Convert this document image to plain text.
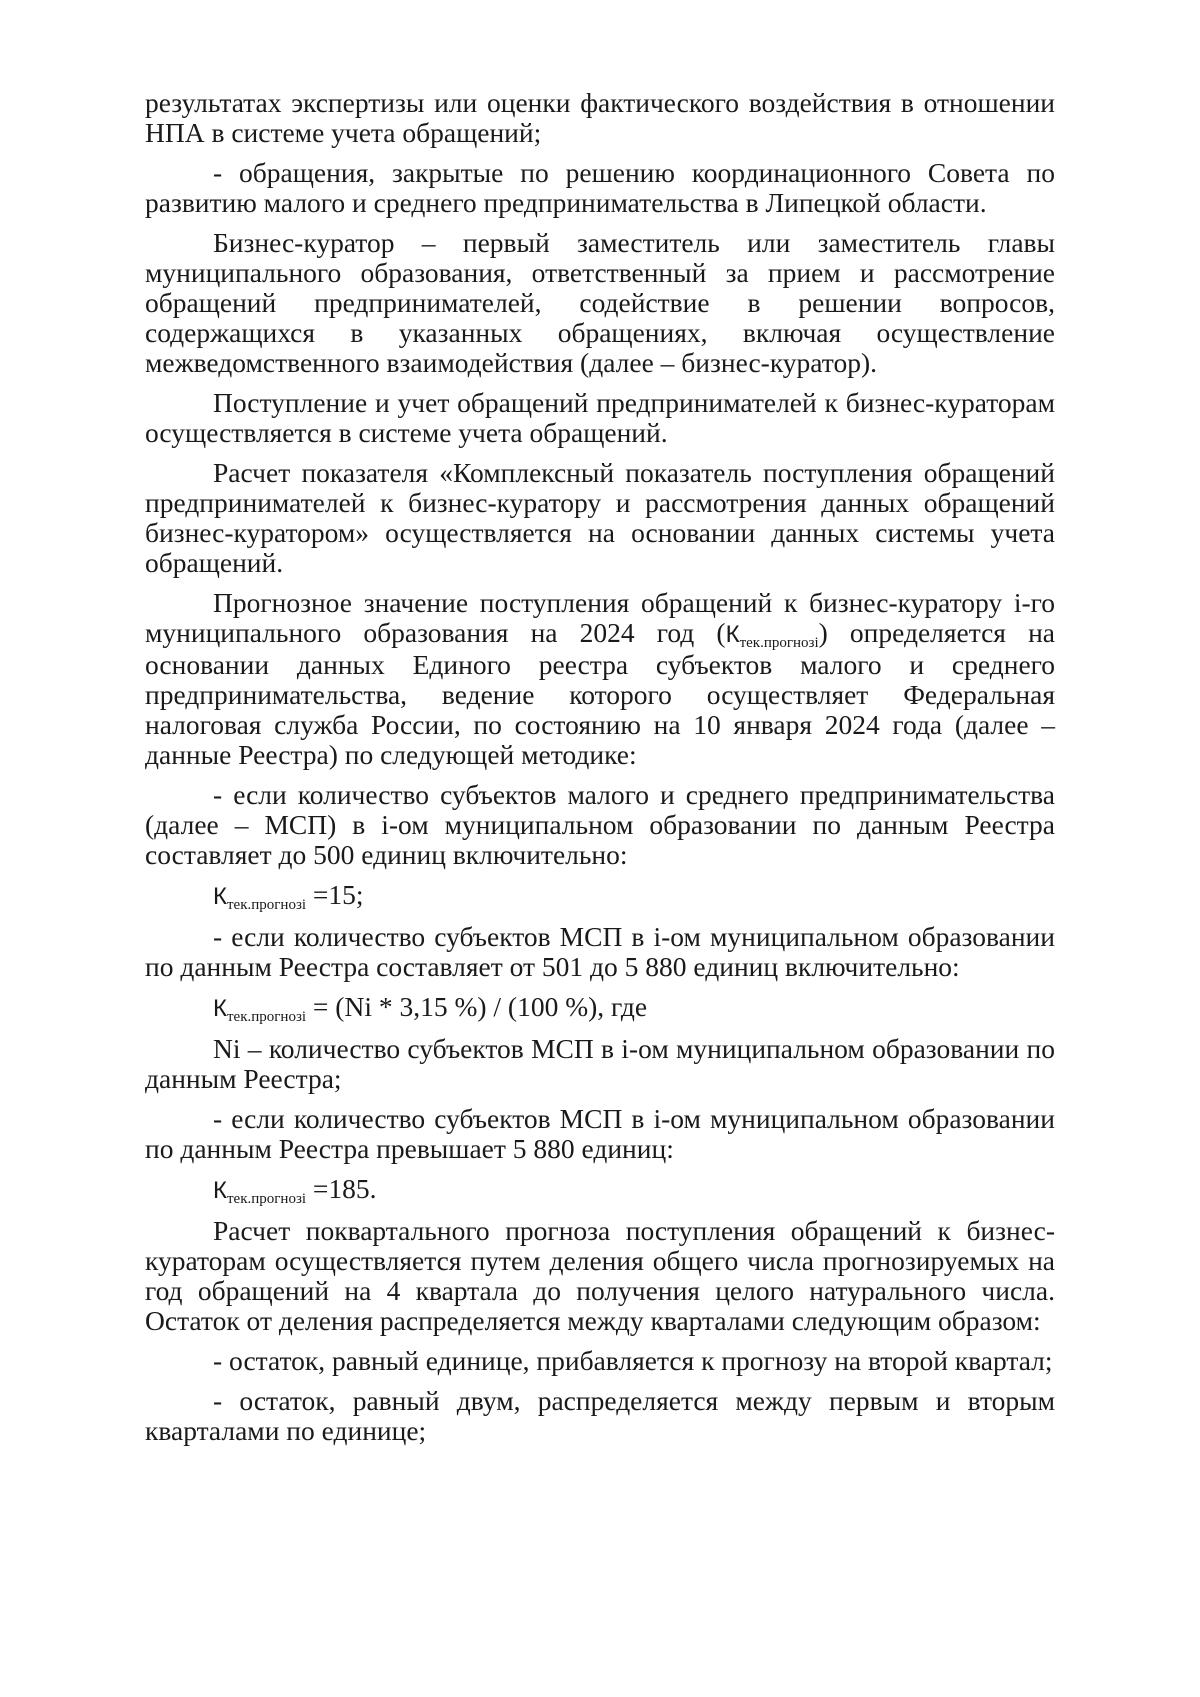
результатах экспертизы или оценки фактического воздействия в отношении НПА в системе учета обращений;

- обращения, закрытые по решению координационного Совета по развитию малого и среднего предпринимательства в Липецкой области.

Бизнес-куратор – первый заместитель или заместитель главы муниципального образования, ответственный за прием и рассмотрение обращений предпринимателей, содействие в решении вопросов, содержащихся в указанных обращениях, включая осуществление межведомственного взаимодействия (далее – бизнес-куратор).

Поступление и учет обращений предпринимателей к бизнес-кураторам осуществляется в системе учета обращений.

Расчет показателя «Комплексный показатель поступления обращений предпринимателей к бизнес-куратору и рассмотрения данных обращений бизнес-куратором» осуществляется на основании данных системы учета обращений.

Прогнозное значение поступления обращений к бизнес-куратору i-го муниципального образования на 2024 год $(К_{тек.прогнозi})$ определяется на основании данных Единого реестра субъектов малого и среднего предпринимательства, ведение которого осуществляет Федеральная налоговая служба России, по состоянию на 10 января 2024 года (далее – данные Реестра) по следующей методике:

- если количество субъектов малого и среднего предпринимательства (далее – МСП) в i-ом муниципальном образовании по данным Реестра составляет до 500 единиц включительно:

$К_{тек.прогнозi} =15$;

- если количество субъектов МСП в i-ом муниципальном образовании по данным Реестра составляет от 501 до 5 880 единиц включительно:

$К_{тек.прогнозi} = (Ni * 3,15$ %) / (100 %), где

Ni – количество субъектов МСП в i-ом муниципальном образовании по данным Реестра;

- если количество субъектов МСП в i-ом муниципальном образовании по данным Реестра превышает 5 880 единиц:

$К_{тек.прогнозi} =185$.

Расчет поквартального прогноза поступления обращений к бизнес-кураторам осуществляется путем деления общего числа прогнозируемых на год обращений на 4 квартала до получения целого натурального числа. Остаток от деления распределяется между кварталами следующим образом:

- остаток, равный единице, прибавляется к прогнозу на второй квартал;

- остаток, равный двум, распределяется между первым и вторым кварталами по единице;
